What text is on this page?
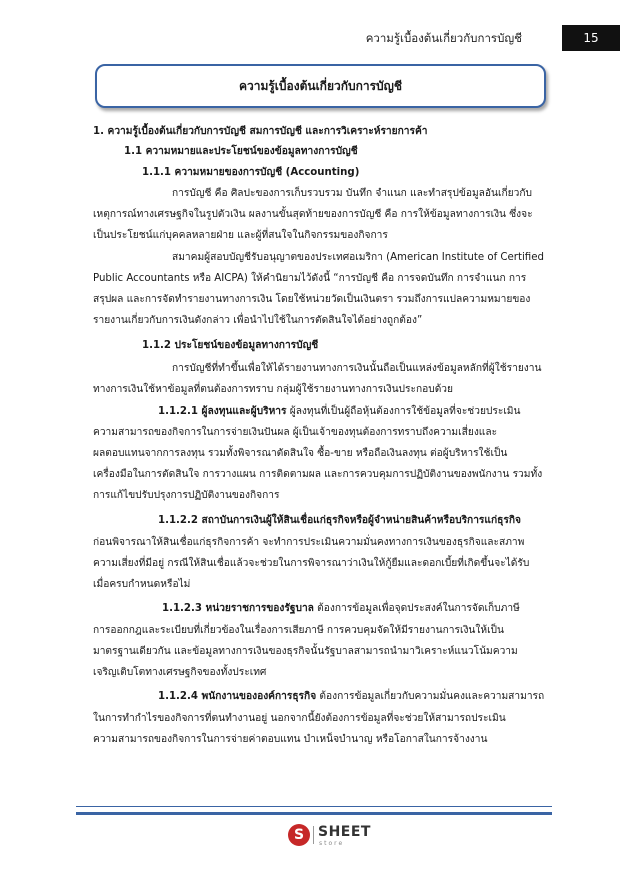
ความรู้เบื้องต้นเกี่ยวกับการบัญชี	15
ความรู้เบื้องต้นเกี่ยวกับการบัญชี
1. ความรู้เบื้องต้นเกี่ยวกับการบัญชี สมการบัญชี และการวิเคราะห์รายการค้า
1.1 ความหมายและประโยชน์ของข้อมูลทางการบัญชี
1.1.1 ความหมายของการบัญชี (Accounting)
การบัญชี คือ ศิลปะของการเก็บรวบรวม บันทึก จำแนก และทำสรุปข้อมูลอันเกี่ยวกับ
เหตุการณ์ทางเศรษฐกิจในรูปตัวเงิน ผลงานขั้นสุดท้ายของการบัญชี คือ การให้ข้อมูลทางการเงิน ซึ่งจะ
เป็นประโยชน์แก่บุคคลหลายฝ่าย และผู้ที่สนใจในกิจกรรมของกิจการ
สมาคมผู้สอบบัญชีรับอนุญาตของประเทศอเมริกา (American Institute of Certified
Public Accountants หรือ AICPA) ให้คำนิยามไว้ดังนี้ “การบัญชี คือ การจดบันทึก การจำแนก การ
สรุปผล และการจัดทำรายงานทางการเงิน โดยใช้หน่วยวัดเป็นเงินตรา รวมถึงการแปลความหมายของ
รายงานเกี่ยวกับการเงินดังกล่าว เพื่อนำไปใช้ในการตัดสินใจได้อย่างถูกต้อง”
1.1.2 ประโยชน์ของข้อมูลทางการบัญชี
การบัญชีที่ทำขึ้นเพื่อให้ได้รายงานทางการเงินนั้นถือเป็นแหล่งข้อมูลหลักที่ผู้ใช้รายงาน
ทางการเงินใช้หาข้อมูลที่ตนต้องการทราบ กลุ่มผู้ใช้รายงานทางการเงินประกอบด้วย
1.1.2.1 ผู้ลงทุนและผู้บริหาร ผู้ลงทุนที่เป็นผู้ถือหุ้นต้องการใช้ข้อมูลที่จะช่วยประเมิน
ความสามารถของกิจการในการจ่ายเงินปันผล ผู้เป็นเจ้าของทุนต้องการทราบถึงความเสี่ยงและ
ผลตอบแทนจากการลงทุน รวมทั้งพิจารณาตัดสินใจ ซื้อ-ขาย หรือถือเงินลงทุน ต่อผู้บริหารใช้เป็น
เครื่องมือในการตัดสินใจ การวางแผน การติดตามผล และการควบคุมการปฏิบัติงานของพนักงาน รวมทั้ง
การแก้ไขปรับปรุงการปฏิบัติงานของกิจการ
1.1.2.2 สถาบันการเงินผู้ให้สินเชื่อแก่ธุรกิจหรือผู้จำหน่ายสินค้าหรือบริการแก่ธุรกิจ
ก่อนพิจารณาให้สินเชื่อแก่ธุรกิจการค้า จะทำการประเมินความมั่นคงทางการเงินของธุรกิจและสภาพ
ความเสี่ยงที่มีอยู่ กรณีให้สินเชื่อแล้วจะช่วยในการพิจารณาว่าเงินให้กู้ยืมและดอกเบี้ยที่เกิดขึ้นจะได้รับ
เมื่อครบกำหนดหรือไม่
1.1.2.3 หน่วยราชการของรัฐบาล ต้องการข้อมูลเพื่อจุดประสงค์ในการจัดเก็บภาษี
การออกกฎและระเบียบที่เกี่ยวข้องในเรื่องการเสียภาษี การควบคุมจัดให้มีรายงานการเงินให้เป็น
มาตรฐานเดียวกัน และข้อมูลทางการเงินของธุรกิจนั้นรัฐบาลสามารถนำมาวิเคราะห์แนวโน้มความ
เจริญเติบโตทางเศรษฐกิจของทั้งประเทศ
1.1.2.4 พนักงานขององค์การธุรกิจ ต้องการข้อมูลเกี่ยวกับความมั่นคงและความสามารถ
ในการทำกำไรของกิจการที่ตนทำงานอยู่ นอกจากนี้ยังต้องการข้อมูลที่จะช่วยให้สามารถประเมิน
ความสามารถของกิจการในการจ่ายค่าตอบแทน บำเหน็จบำนาญ หรือโอกาสในการจ้างงาน
S SHEET
store
